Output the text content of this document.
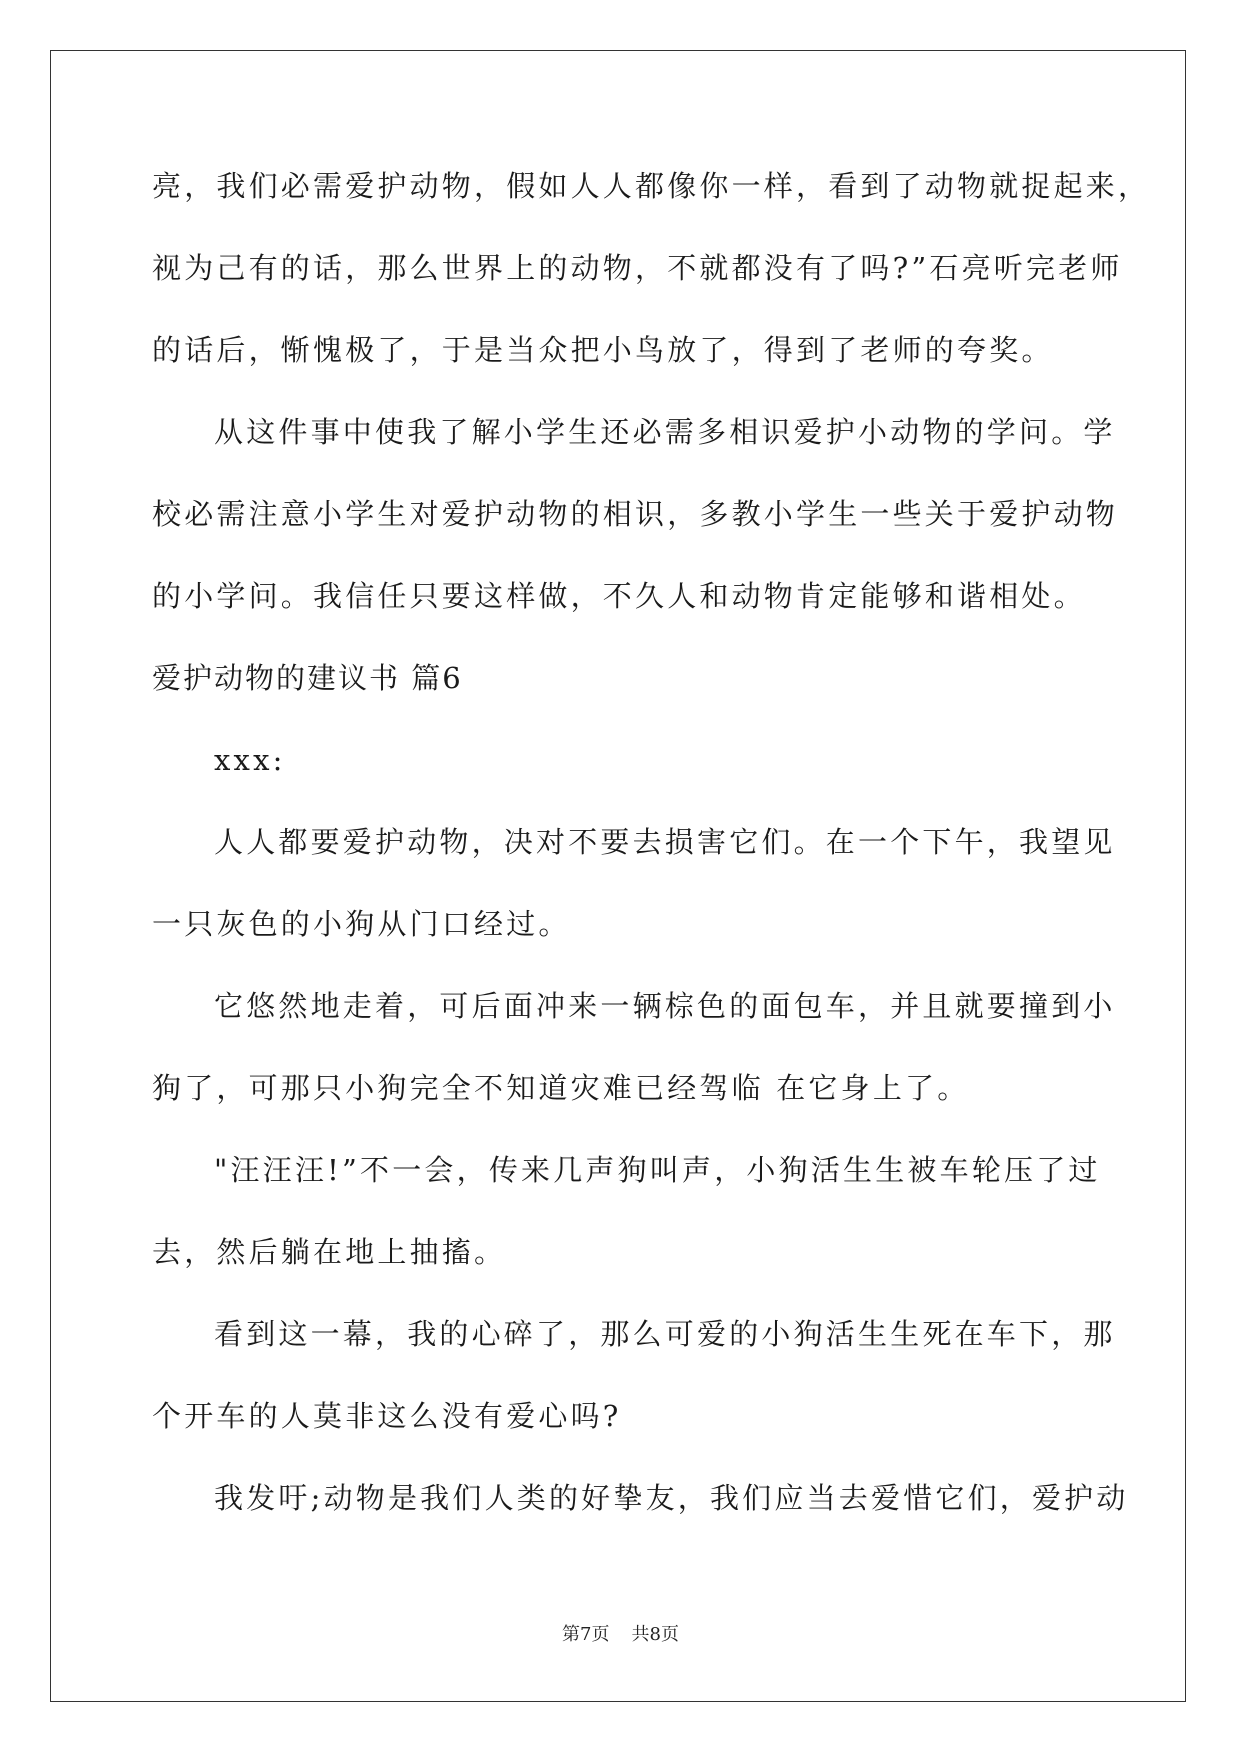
亮，我们必需爱护动物，假如人人都像你一样，看到了动物就捉起来，
视为己有的话，那么世界上的动物，不就都没有了吗?”石亮听完老师
的话后，惭愧极了，于是当众把小鸟放了，得到了老师的夸奖。
从这件事中使我了解小学生还必需多相识爱护小动物的学问。学
校必需注意小学生对爱护动物的相识，多教小学生一些关于爱护动物
的小学问。我信任只要这样做，不久人和动物肯定能够和谐相处。
爱护动物的建议书 篇6
xxx:
人人都要爱护动物，决对不要去损害它们。在一个下午，我望见
一只灰色的小狗从门口经过。
它悠然地走着，可后面冲来一辆棕色的面包车，并且就要撞到小
狗了，可那只小狗完全不知道灾难已经驾临 在它身上了。
"汪汪汪!”不一会，传来几声狗叫声，小狗活生生被车轮压了过
去，然后躺在地上抽搐。
看到这一幕，我的心碎了，那么可爱的小狗活生生死在车下，那
个开车的人莫非这么没有爱心吗?
我发吁;动物是我们人类的好挚友，我们应当去爱惜它们，爱护动
第7页 共8页
